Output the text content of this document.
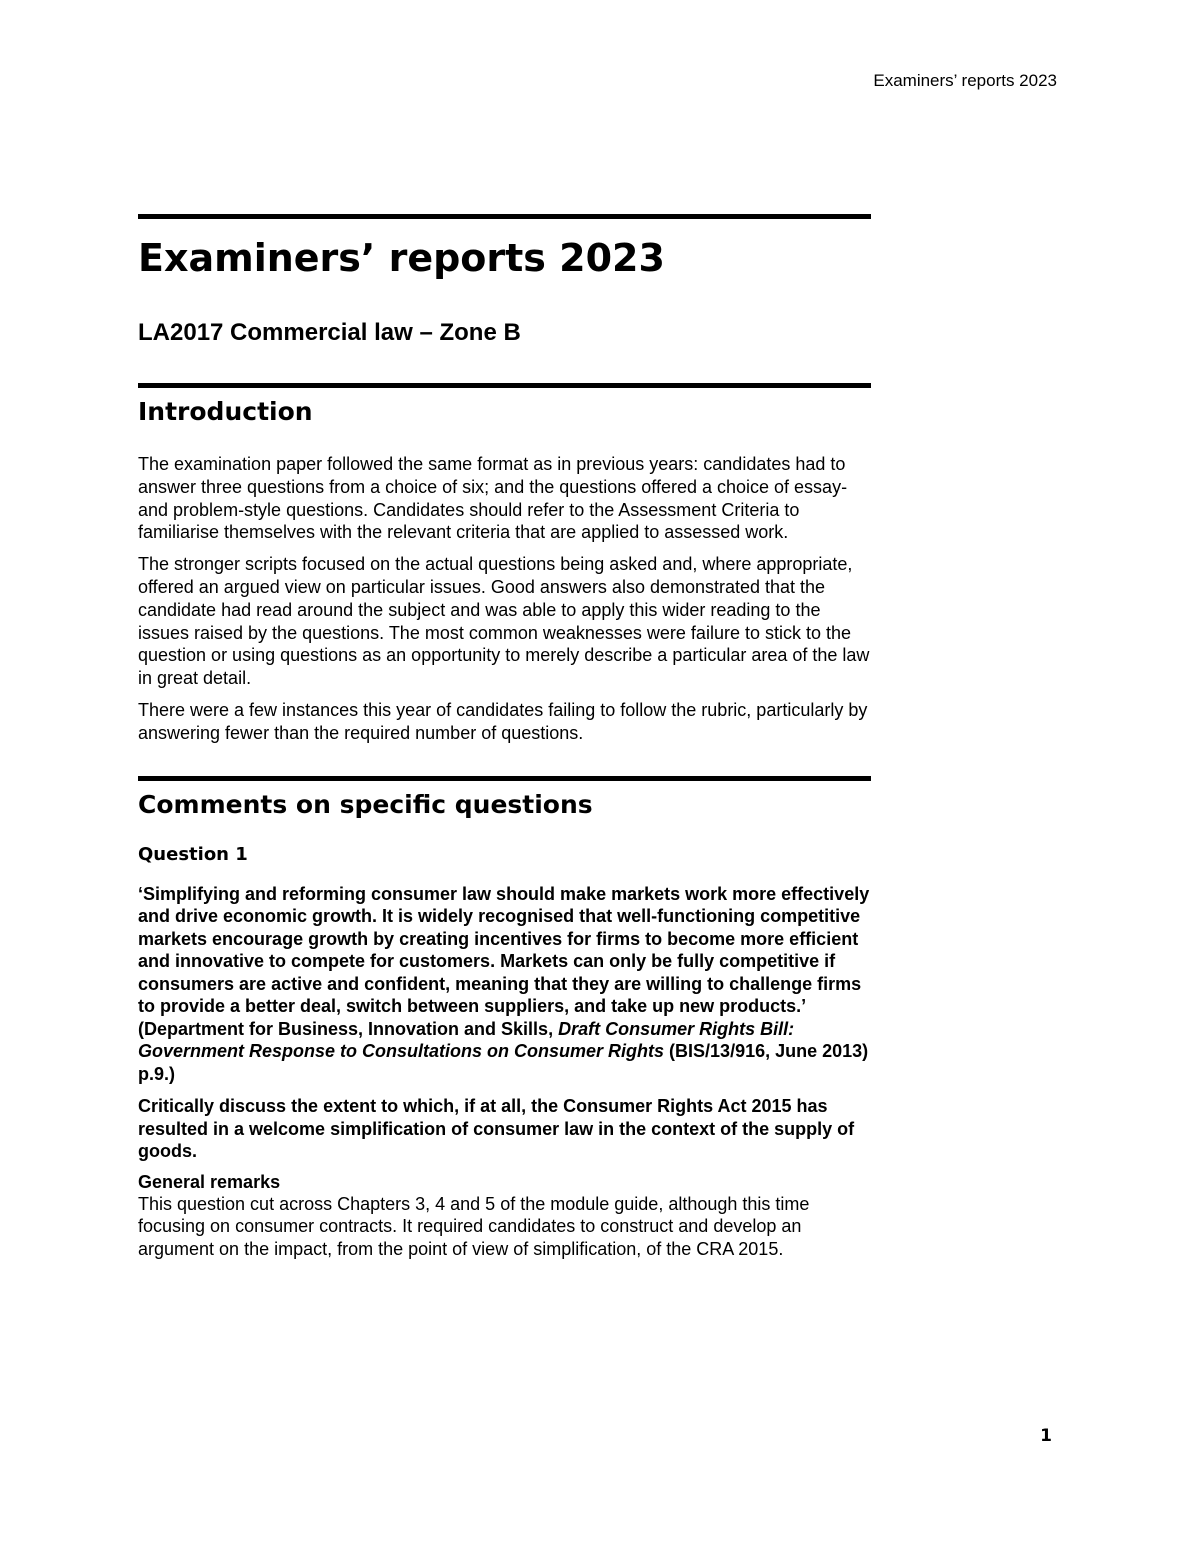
Examiners’ reports 2023
Examiners’ reports 2023
LA2017 Commercial law – Zone B
Introduction

The examination paper followed the same format as in previous years: candidates had to answer three questions from a choice of six; and the questions offered a choice of essay- and problem-style questions. Candidates should refer to the Assessment Criteria to familiarise themselves with the relevant criteria that are applied to assessed work.

The stronger scripts focused on the actual questions being asked and, where appropriate, offered an argued view on particular issues. Good answers also demonstrated that the candidate had read around the subject and was able to apply this wider reading to the issues raised by the questions. The most common weaknesses were failure to stick to the question or using questions as an opportunity to merely describe a particular area of the law in great detail.

There were a few instances this year of candidates failing to follow the rubric, particularly by answering fewer than the required number of questions.

Comments on specific questions
Question 1

‘Simplifying and reforming consumer law should make markets work more effectively and drive economic growth. It is widely recognised that well-functioning competitive markets encourage growth by creating incentives for firms to become more efficient and innovative to compete for customers. Markets can only be fully competitive if consumers are active and confident, meaning that they are willing to challenge firms to provide a better deal, switch between suppliers, and take up new products.’ (Department for Business, Innovation and Skills, Draft Consumer Rights Bill: Government Response to Consultations on Consumer Rights (BIS/13/916, June 2013) p.9.)

Critically discuss the extent to which, if at all, the Consumer Rights Act 2015 has resulted in a welcome simplification of consumer law in the context of the supply of goods.

General remarks

This question cut across Chapters 3, 4 and 5 of the module guide, although this time focusing on consumer contracts. It required candidates to construct and develop an argument on the impact, from the point of view of simplification, of the CRA 2015.

1
